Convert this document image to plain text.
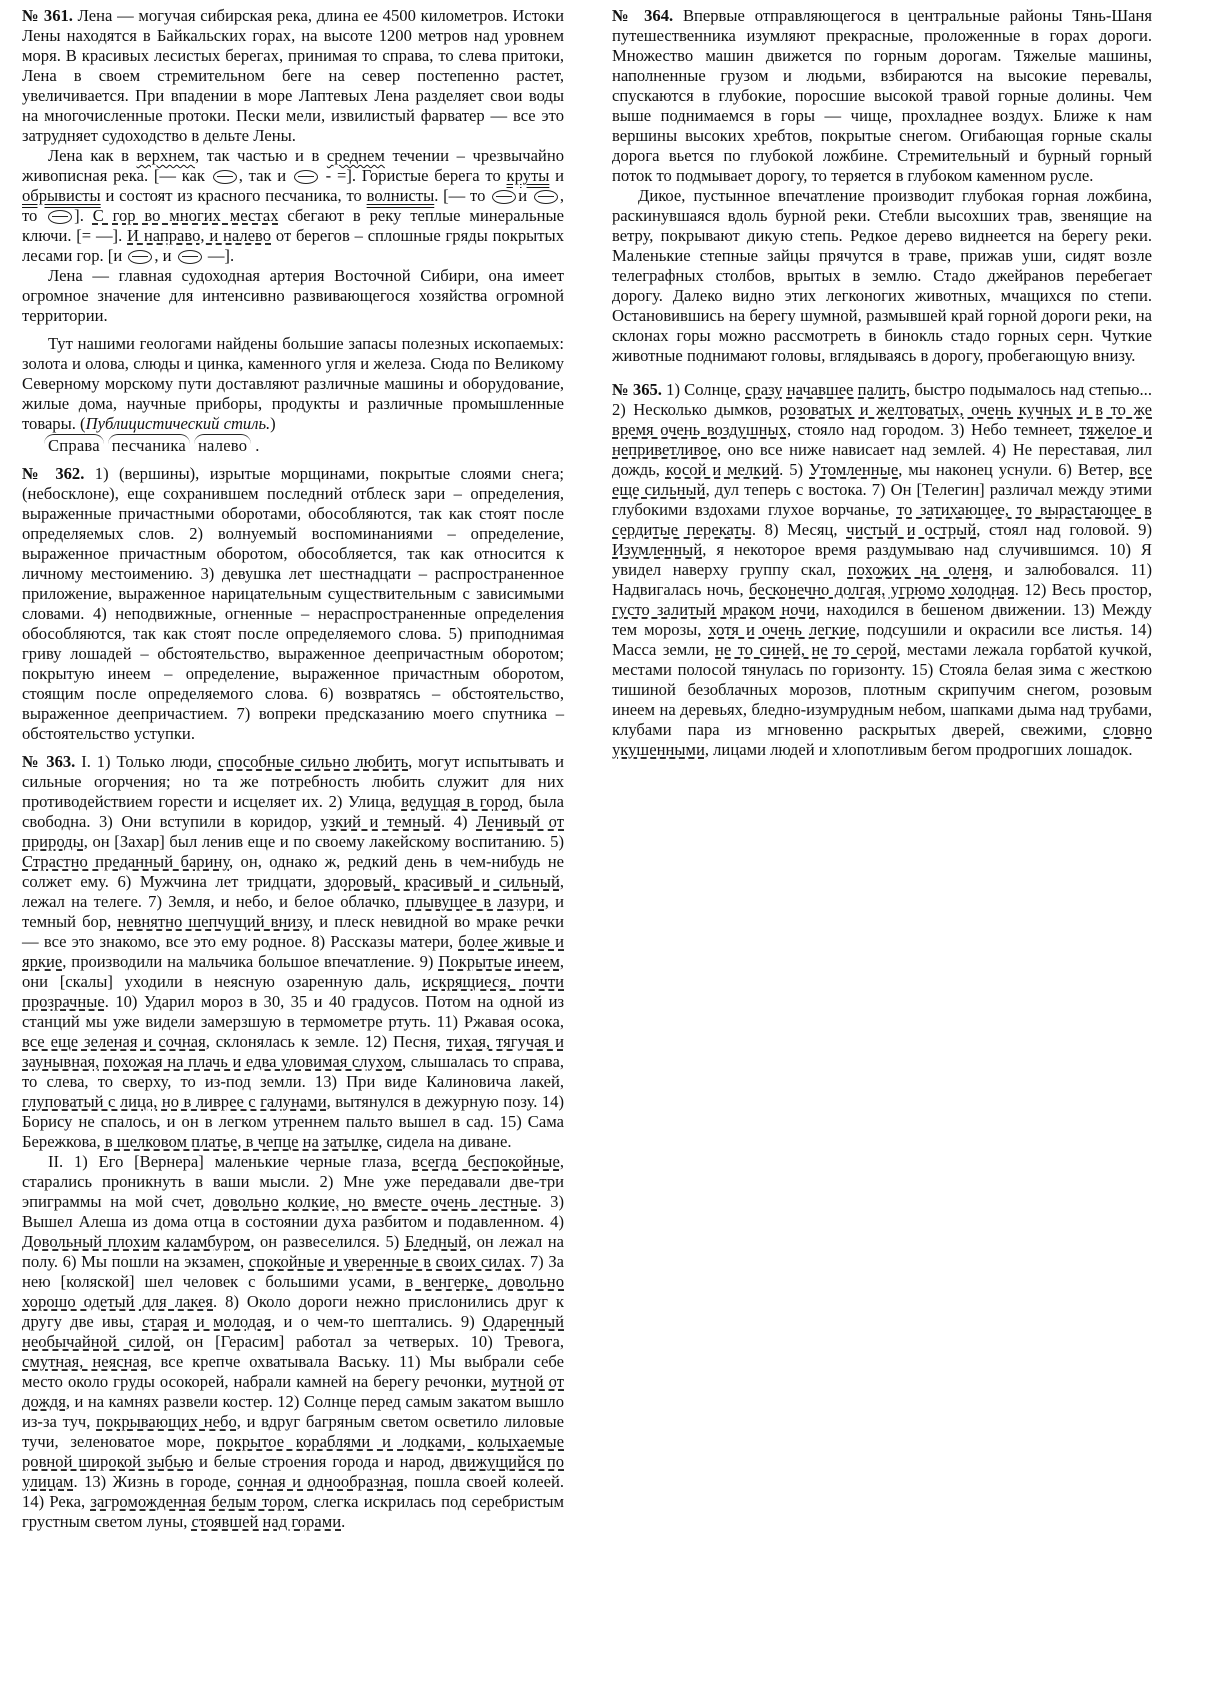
№ 361. Лена — могучая сибирская река, длина ее 4500 километров. Истоки Лены находятся в Байкальских горах, на высоте 1200 метров над уровнем моря. В красивых лесистых берегах, принимая то справа, то слева притоки, Лена в своем стремительном беге на север постепенно растет, увеличивается. При впадении в море Лаптевых Лена разделяет свои воды на многочисленные протоки. Пески мели, извилистый фарватер — все это затрудняет судоходство в дельте Лены.

Лена как в верхнем, так частью и в среднем течении – чрезвычайно живописная река. [— как , так и  - =]. Гористые берега то круты и обрывисты и состоят из красного песчаника, то волнисты. [— то и , то ]. С гор во многих местах сбегают в реку теплые минеральные ключи. [= —]. И направо, и налево от берегов – сплошные гряды покрытых лесами гор. [и , и  —].

Лена — главная судоходная артерия Восточной Сибири, она имеет огромное значение для интенсивно развивающегося хозяйства огромной территории.

Тут нашими геологами найдены большие запасы полезных ископаемых: золота и олова, слюды и цинка, каменного угля и железа. Сюда по Великому Северному морскому пути доставляют различные машины и оборудование, жилые дома, научные приборы, продукты и различные промышленные товары. (Публицистический стиль.)

Справа песчаника налево .

№ 362. 1) (вершины), изрытые морщинами, покрытые слоями снега; (небосклоне), еще сохранившем последний отблеск зари – определения, выраженные причастными оборотами, обособляются, так как стоят после определяемых слов. 2) волнуемый воспоминаниями – определение, выраженное причастным оборотом, обособляется, так как относится к личному местоимению. 3) девушка лет шестнадцати – распространенное приложение, выраженное нарицательным существительным с зависимыми словами. 4) неподвижные, огненные – нераспространенные определения обособляются, так как стоят после определяемого слова. 5) приподнимая гриву лошадей – обстоятельство, выраженное деепричастным оборотом; покрытую инеем – определение, выраженное причастным оборотом, стоящим после определяемого слова. 6) возвратясь – обстоятельство, выраженное деепричастием. 7) вопреки предсказанию моего спутника – обстоятельство уступки.

№ 363. I. 1) Только люди, способные сильно любить, могут испытывать и сильные огорчения; но та же потребность любить служит для них противодействием горести и исцеляет их. 2) Улица, ведущая в город, была свободна. 3) Они вступили в коридор, узкий и темный. 4) Ленивый от природы, он [Захар] был ленив еще и по своему лакейскому воспитанию. 5) Страстно преданный барину, он, однако ж, редкий день в чем-нибудь не солжет ему. 6) Мужчина лет тридцати, здоровый, красивый и сильный, лежал на телеге. 7) Земля, и небо, и белое облачко, плывущее в лазури, и темный бор, невнятно шепчущий внизу, и плеск невидной во мраке речки — все это знакомо, все это ему родное. 8) Рассказы матери, более живые и яркие, производили на мальчика большое впечатление. 9) Покрытые инеем, они [скалы] уходили в неясную озаренную даль, искрящиеся, почти прозрачные. 10) Ударил мороз в 30, 35 и 40 градусов. Потом на одной из станций мы уже видели замерзшую в термометре ртуть. 11) Ржавая осока, все еще зеленая и сочная, склонялась к земле. 12) Песня, тихая, тягучая и заунывная, похожая на плачь и едва уловимая слухом, слышалась то справа, то слева, то сверху, то из-под земли. 13) При виде Калиновича лакей, глуповатый с лица, но в ливрее с галунами, вытянулся в дежурную позу. 14) Борису не спалось, и он в легком утреннем пальто вышел в сад. 15) Сама Бережкова, в шелковом платье, в чепце на затылке, сидела на диване.

II. 1) Его [Вернера] маленькие черные глаза, всегда беспокойные, старались проникнуть в ваши мысли. 2) Мне уже передавали две-три эпиграммы на мой счет, довольно колкие, но вместе очень лестные. 3) Вышел Алеша из дома отца в состоянии духа разбитом и подавленном. 4) Довольный плохим каламбуром, он развеселился. 5) Бледный, он лежал на полу. 6) Мы пошли на экзамен, спокойные и уверенные в своих силах. 7) За нею [коляской] шел человек с большими усами, в венгерке, довольно хорошо одетый для лакея. 8) Около дороги нежно прислонились друг к другу две ивы, старая и молодая, и о чем-то шептались. 9) Одаренный необычайной силой, он [Герасим] работал за четверых. 10) Тревога, смутная, неясная, все крепче охватывала Ваську. 11) Мы выбрали себе место около груды осокорей, набрали камней на берегу речонки, мутной от дождя, и на камнях развели костер. 12) Солнце перед самым закатом вышло из-за туч, покрывающих небо, и вдруг багряным светом осветило лиловые тучи, зеленоватое море, покрытое кораблями и лодками, колыхаемые ровной широкой зыбью и белые строения города и народ, движущийся по улицам. 13) Жизнь в городе, сонная и однообразная, пошла своей колеей. 14) Река, загроможденная белым тором, слегка искрилась под серебристым грустным светом луны, стоявшей над горами.

№ 364. Впервые отправляющегося в центральные районы Тянь-Шаня путешественника изумляют прекрасные, проложенные в горах дороги. Множество машин движется по горным дорогам. Тяжелые машины, наполненные грузом и людьми, взбираются на высокие перевалы, спускаются в глубокие, поросшие высокой травой горные долины. Чем выше поднимаемся в горы — чище, прохладнее воздух. Ближе к нам вершины высоких хребтов, покрытые снегом. Огибающая горные скалы дорога вьется по глубокой ложбине. Стремительный и бурный горный поток то подмывает дорогу, то теряется в глубоком каменном русле.

Дикое, пустынное впечатление производит глубокая горная ложбина, раскинувшаяся вдоль бурной реки. Стебли высохших трав, звенящие на ветру, покрывают дикую степь. Редкое дерево виднеется на берегу реки. Маленькие степные зайцы прячутся в траве, прижав уши, сидят возле телеграфных столбов, врытых в землю. Стадо джейранов перебегает дорогу. Далеко видно этих легконогих животных, мчащихся по степи. Остановившись на берегу шумной, размывшей край горной дороги реки, на склонах горы можно рассмотреть в бинокль стадо горных серн. Чуткие животные поднимают головы, вглядываясь в дорогу, пробегающую внизу.

№ 365. 1) Солнце, сразу начавшее палить, быстро подымалось над степью... 2) Несколько дымков, розоватых и желтоватых, очень кучных и в то же время очень воздушных, стояло над городом. 3) Небо темнеет, тяжелое и неприветливое, оно все ниже нависает над землей. 4) Не переставая, лил дождь, косой и мелкий. 5) Утомленные, мы наконец уснули. 6) Ветер, все еще сильный, дул теперь с востока. 7) Он [Телегин] различал между этими глубокими вздохами глухое ворчанье, то затихающее, то вырастающее в сердитые перекаты. 8) Месяц, чистый и острый, стоял над головой. 9) Изумленный, я некоторое время раздумываю над случившимся. 10) Я увидел наверху группу скал, похожих на оленя, и залюбовался. 11) Надвигалась ночь, бесконечно долгая, угрюмо холодная. 12) Весь простор, густо залитый мраком ночи, находился в бешеном движении. 13) Между тем морозы, хотя и очень легкие, подсушили и окрасили все листья. 14) Масса земли, не то синей, не то серой, местами лежала горбатой кучкой, местами полосой тянулась по горизонту. 15) Стояла белая зима с жесткою тишиной безоблачных морозов, плотным скрипучим снегом, розовым инеем на деревьях, бледно-изумрудным небом, шапками дыма над трубами, клубами пара из мгновенно раскрытых дверей, свежими, словно укушенными, лицами людей и хлопотливым бегом продрогших лошадок.
